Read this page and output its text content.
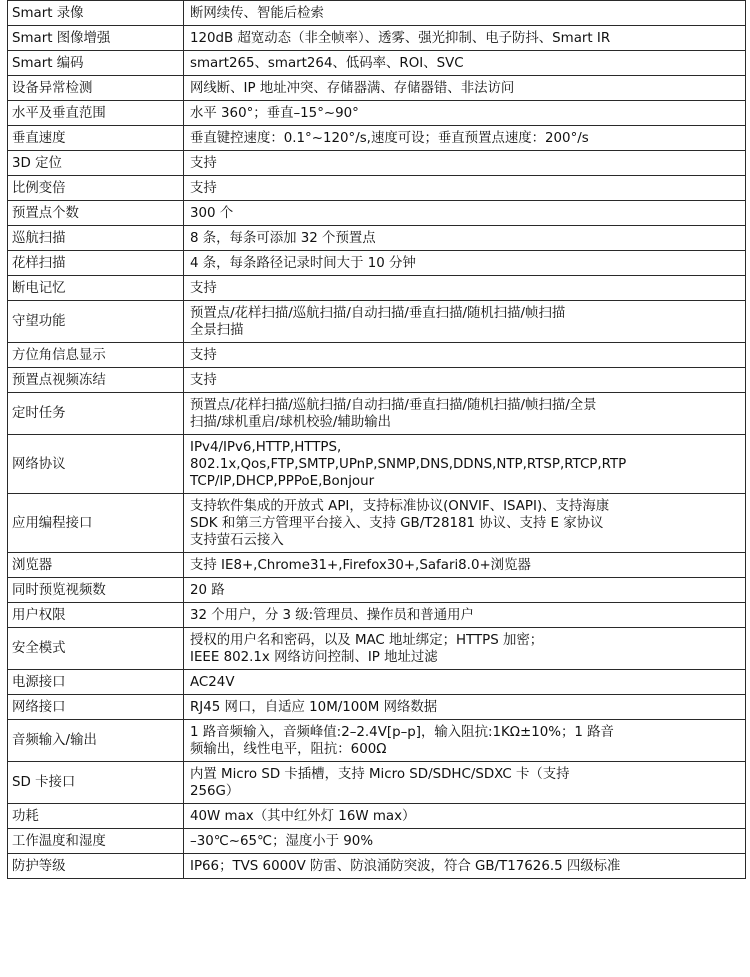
Smart 录像	断网续传、智能后检索

Smart 图像增强	120dB 超宽动态（非全帧率）、透雾、强光抑制、电子防抖、Smart IR

Smart 编码	smart265、smart264、低码率、ROI、SVC

设备异常检测	网线断、IP 地址冲突、存储器满、存储器错、非法访问

水平及垂直范围	水平 360°；垂直–15°~90°

垂直速度	垂直键控速度：0.1°~120°/s,速度可设；垂直预置点速度：200°/s

3D 定位	支持

比例变倍	支持

预置点个数	300 个

巡航扫描	8 条，每条可添加 32 个预置点

花样扫描	4 条，每条路径记录时间大于 10 分钟

断电记忆	支持

守望功能	预置点/花样扫描/巡航扫描/自动扫描/垂直扫描/随机扫描/帧扫描
全景扫描

方位角信息显示	支持

预置点视频冻结	支持

定时任务	预置点/花样扫描/巡航扫描/自动扫描/垂直扫描/随机扫描/帧扫描/全景
扫描/球机重启/球机校验/辅助输出

网络协议	IPv4/IPv6,HTTP,HTTPS,
802.1x,Qos,FTP,SMTP,UPnP,SNMP,DNS,DDNS,NTP,RTSP,RTCP,RTP
TCP/IP,DHCP,PPPoE,Bonjour

应用编程接口	支持软件集成的开放式 API，支持标准协议(ONVIF、ISAPI)、支持海康
SDK 和第三方管理平台接入、支持 GB/T28181 协议、支持 E 家协议
支持萤石云接入

浏览器	支持 IE8+,Chrome31+,Firefox30+,Safari8.0+浏览器

同时预览视频数	20 路

用户权限	32 个用户，分 3 级:管理员、操作员和普通用户

安全模式	授权的用户名和密码，以及 MAC 地址绑定；HTTPS 加密；
IEEE 802.1x 网络访问控制、IP 地址过滤

电源接口	AC24V

网络接口	RJ45 网口，自适应 10M/100M 网络数据

音频输入/输出	1 路音频输入，音频峰值:2–2.4V[p–p]，输入阻抗:1KΩ±10%；1 路音
频输出，线性电平，阻抗：600Ω

SD 卡接口	内置 Micro SD 卡插槽，支持 Micro SD/SDHC/SDXC 卡（支持
256G）

功耗	40W max（其中红外灯 16W max）

工作温度和湿度	–30℃~65℃；湿度小于 90%

防护等级	IP66；TVS 6000V 防雷、防浪涌防突波，符合 GB/T17626.5 四级标准
